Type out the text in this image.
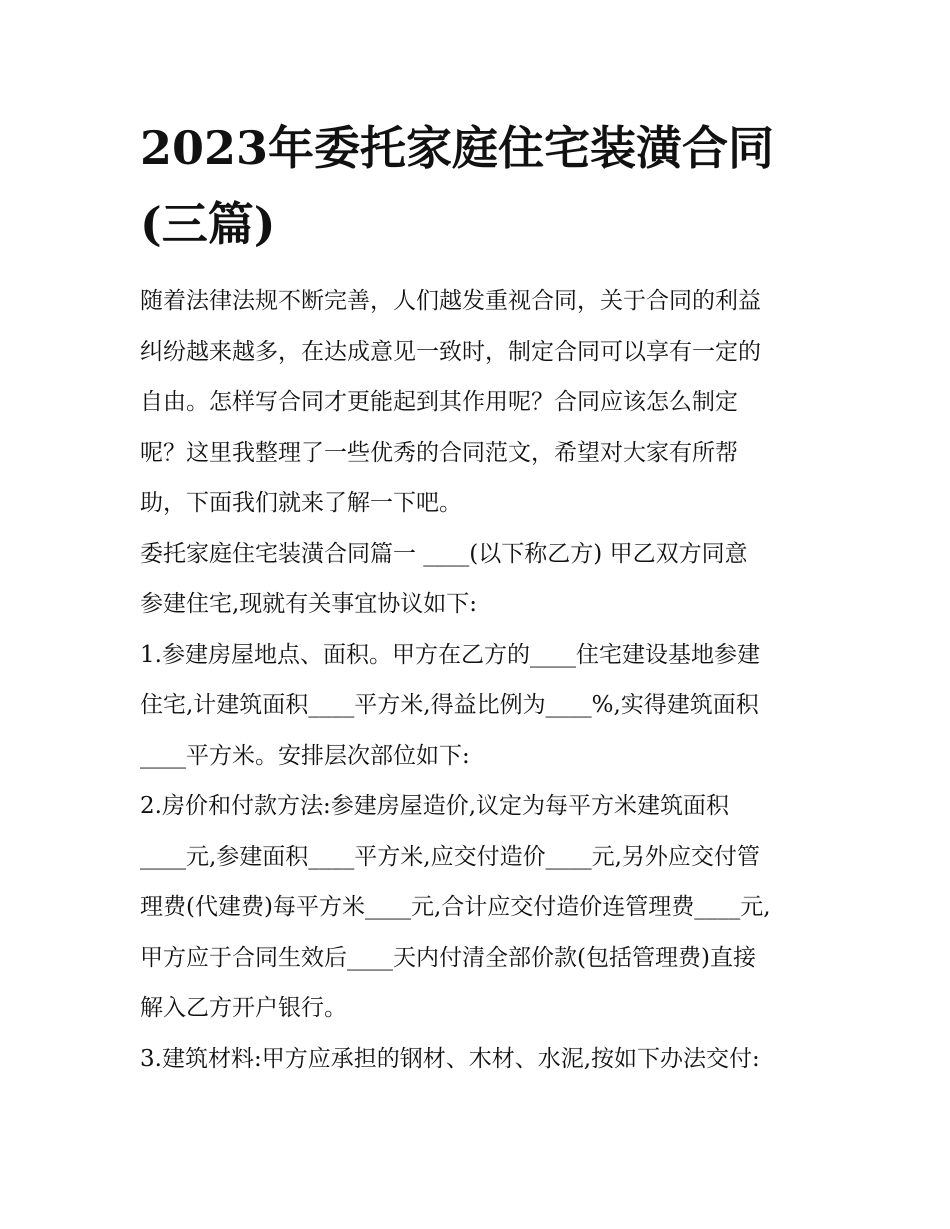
2023年委托家庭住宅装潢合同
(三篇)

随着法律法规不断完善，人们越发重视合同，关于合同的利益
纠纷越来越多，在达成意见一致时，制定合同可以享有一定的
自由。怎样写合同才更能起到其作用呢？合同应该怎么制定
呢？这里我整理了一些优秀的合同范文，希望对大家有所帮
助，下面我们就来了解一下吧。

委托家庭住宅装潢合同篇一 ____(以下称乙方) 甲乙双方同意
参建住宅,现就有关事宜协议如下:

1.参建房屋地点、面积。甲方在乙方的____住宅建设基地参建
住宅,计建筑面积____平方米,得益比例为____%,实得建筑面积
____平方米。安排层次部位如下:

2.房价和付款方法:参建房屋造价,议定为每平方米建筑面积
____元,参建面积____平方米,应交付造价____元,另外应交付管
理费(代建费)每平方米____元,合计应交付造价连管理费____元,
甲方应于合同生效后____天内付清全部价款(包括管理费)直接
解入乙方开户银行。

3.建筑材料:甲方应承担的钢材、木材、水泥,按如下办法交付:
